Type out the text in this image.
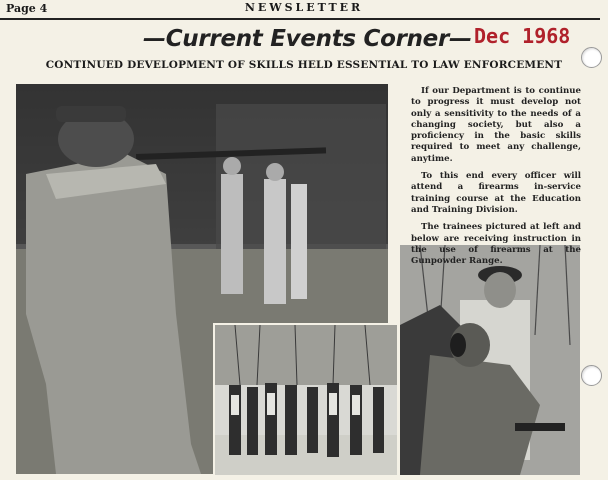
Page 4	NEWSLETTER
—Current Events Corner— Dec 1968
CONTINUED DEVELOPMENT OF SKILLS HELD ESSENTIAL TO LAW ENFORCEMENT

If our Department is to continue to progress it must develop not only a sensitivity to the needs of a changing society, but also a proficiency in the basic skills required to meet any challenge, anytime.

To this end every officer will attend a firearms in-service training course at the Education and Training Division.

The trainees pictured at left and below are receiving instruction in the use of firearms at the Gunpowder Range.
